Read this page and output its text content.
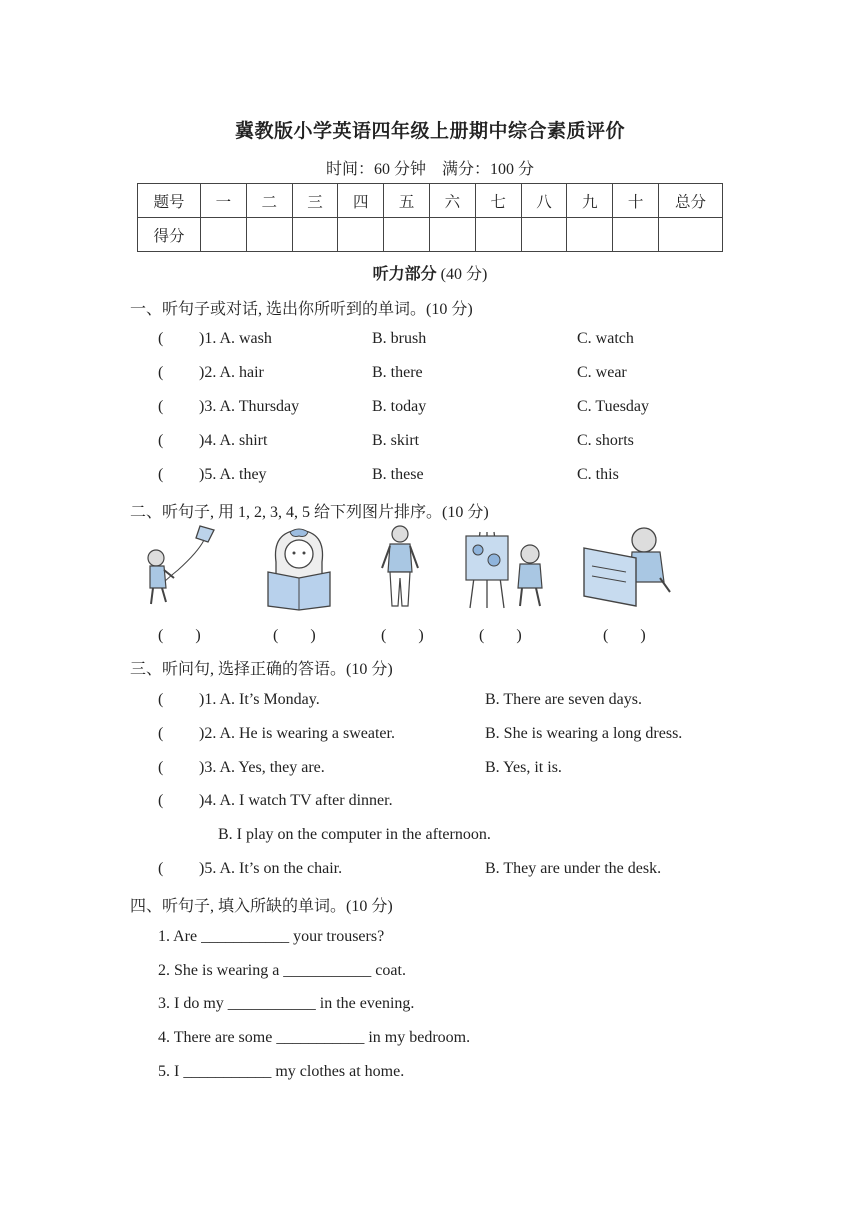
冀教版小学英语四年级上册期中综合素质评价
时间：60 分钟　满分：100 分
题号	一	二	三	四	五	六	七	八	九	十	总分
得分											
听力部分 (40 分)
一、听句子或对话, 选出你所听到的单词。(10 分)
( )1. A. wash	B. brush	C. watch
( )2. A. hair	B. there	C. wear
( )3. A. Thursday	B. today	C. Tuesday
( )4. A. shirt	B. skirt	C. shorts
( )5. A. they	B. these	C. this
二、听句子, 用 1, 2, 3, 4, 5 给下列图片排序。(10 分)
(　　)	(　　)	(　　)	(　　)	(　　)
三、听问句, 选择正确的答语。(10 分)
( )1. A. It’s Monday.	B. There are seven days.
( )2. A. He is wearing a sweater.	B. She is wearing a long dress.
( )3. A. Yes, they are.	B. Yes, it is.
( )4. A. I watch TV after dinner.
B. I play on the computer in the afternoon.
( )5. A. It’s on the chair.	B. They are under the desk.
四、听句子, 填入所缺的单词。(10 分)
1. Are ___________ your trousers?
2. She is wearing a ___________ coat.
3. I do my ___________ in the evening.
4. There are some ___________ in my bedroom.
5. I ___________ my clothes at home.
